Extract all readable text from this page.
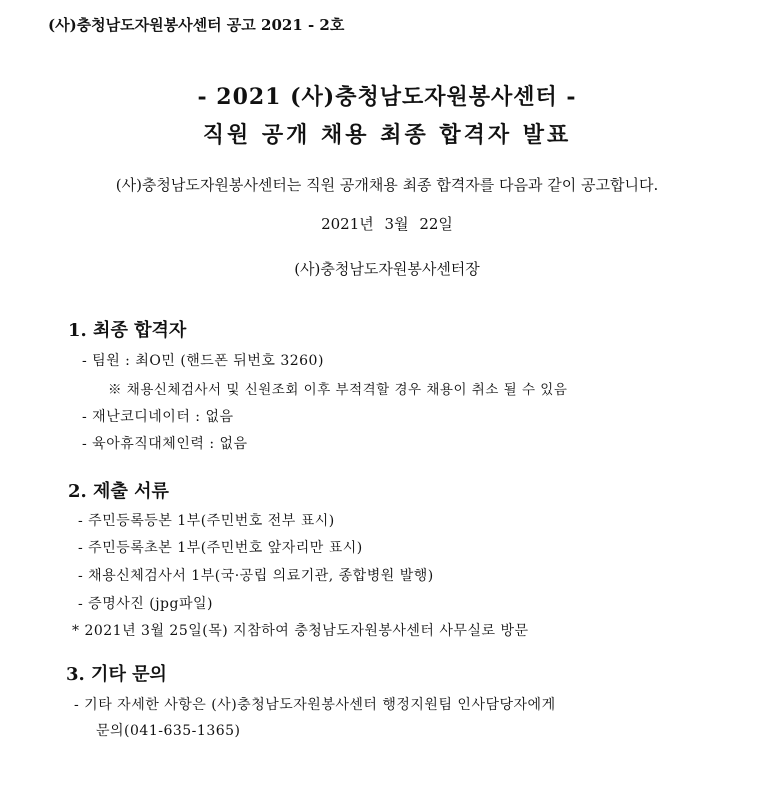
(사)충청남도자원봉사센터 공고 2021 - 2호
- 2021 (사)충청남도자원봉사센터 -
직원 공개 채용 최종 합격자 발표
(사)충청남도자원봉사센터는 직원 공개채용 최종 합격자를 다음과 같이 공고합니다.
2021년 3월 22일
(사)충청남도자원봉사센터장
1. 최종 합격자
- 팀원 : 최O민 (핸드폰 뒤번호 3260)
※ 채용신체검사서 및 신원조회 이후 부적격할 경우 채용이 취소 될 수 있음
- 재난코디네이터 : 없음
- 육아휴직대체인력 : 없음
2. 제출 서류
- 주민등록등본 1부(주민번호 전부 표시)
- 주민등록초본 1부(주민번호 앞자리만 표시)
- 채용신체검사서 1부(국·공립 의료기관, 종합병원 발행)
- 증명사진 (jpg파일)
* 2021년 3월 25일(목) 지참하여 충청남도자원봉사센터 사무실로 방문
3. 기타 문의
- 기타 자세한 사항은 (사)충청남도자원봉사센터 행정지원팀 인사담당자에게
문의(041-635-1365)
